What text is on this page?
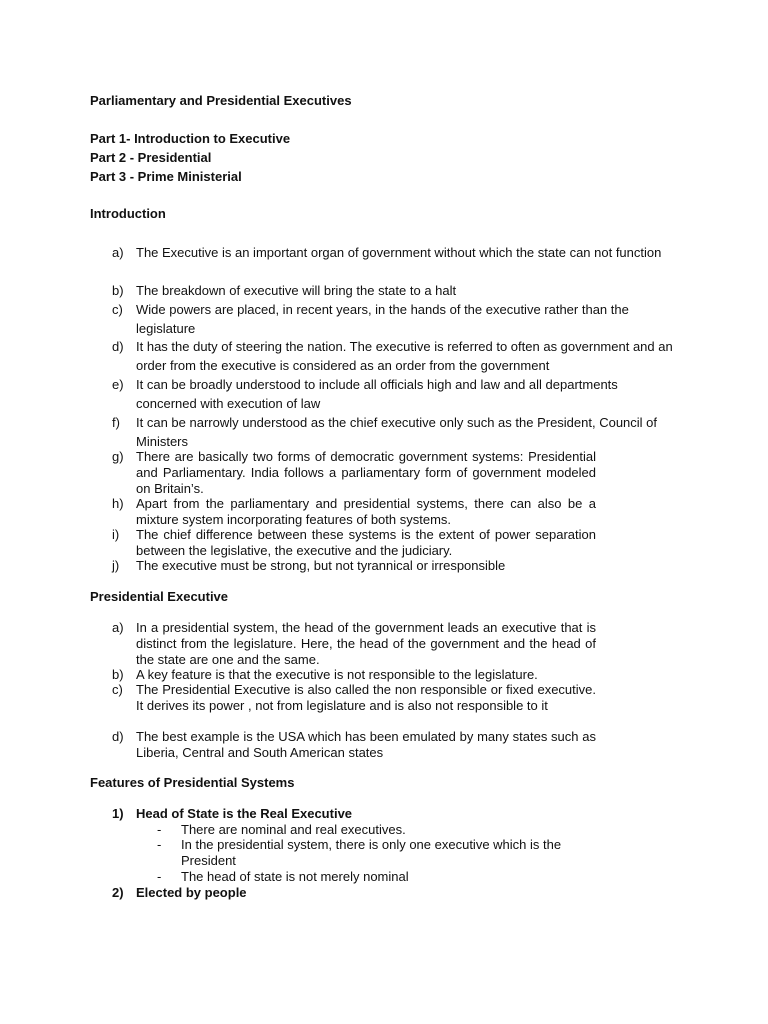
Parliamentary and Presidential Executives
Part 1- Introduction to Executive
Part 2 - Presidential
Part 3 - Prime Ministerial
Introduction
a) The Executive is an important organ of government without which the state can not function
b) The breakdown of executive will bring the state to a halt
c)	Wide powers are placed, in recent years, in the hands of the executive rather than the legislature
d) It has the duty of steering the nation. The executive is referred to often as government and an order from the executive is considered as an order from the government
e) It can be broadly understood to include all officials high and law and all departments concerned with execution of law
f)	It can be narrowly understood as the chief executive only such as the President, Council of Ministers
g) There are basically two forms of democratic government systems: Presidential and Parliamentary. India follows a parliamentary form of government modeled on Britain’s.
h) Apart from the parliamentary and presidential systems, there can also be a mixture system incorporating features of both systems.
i)	The chief difference between these systems is the extent of power separation between the legislative, the executive and the judiciary.
j)	The executive must be strong, but not tyrannical or irresponsible
Presidential Executive
a) In a presidential system, the head of the government leads an executive that is distinct from the legislature. Here, the head of the government and the head of the state are one and the same.
b) A key feature is that the executive is not responsible to the legislature.
c)	The Presidential Executive is also called the non responsible or fixed executive. It derives its power , not from legislature and is also not responsible to it
d) The best example is the USA which has been emulated by many states such as Liberia, Central and South American states
Features of Presidential Systems
1) Head of State is the Real Executive
-	There are nominal and real executives.
-	In the presidential system, there is only one executive which is the President
-	The head of state is not merely nominal
2) Elected by people
